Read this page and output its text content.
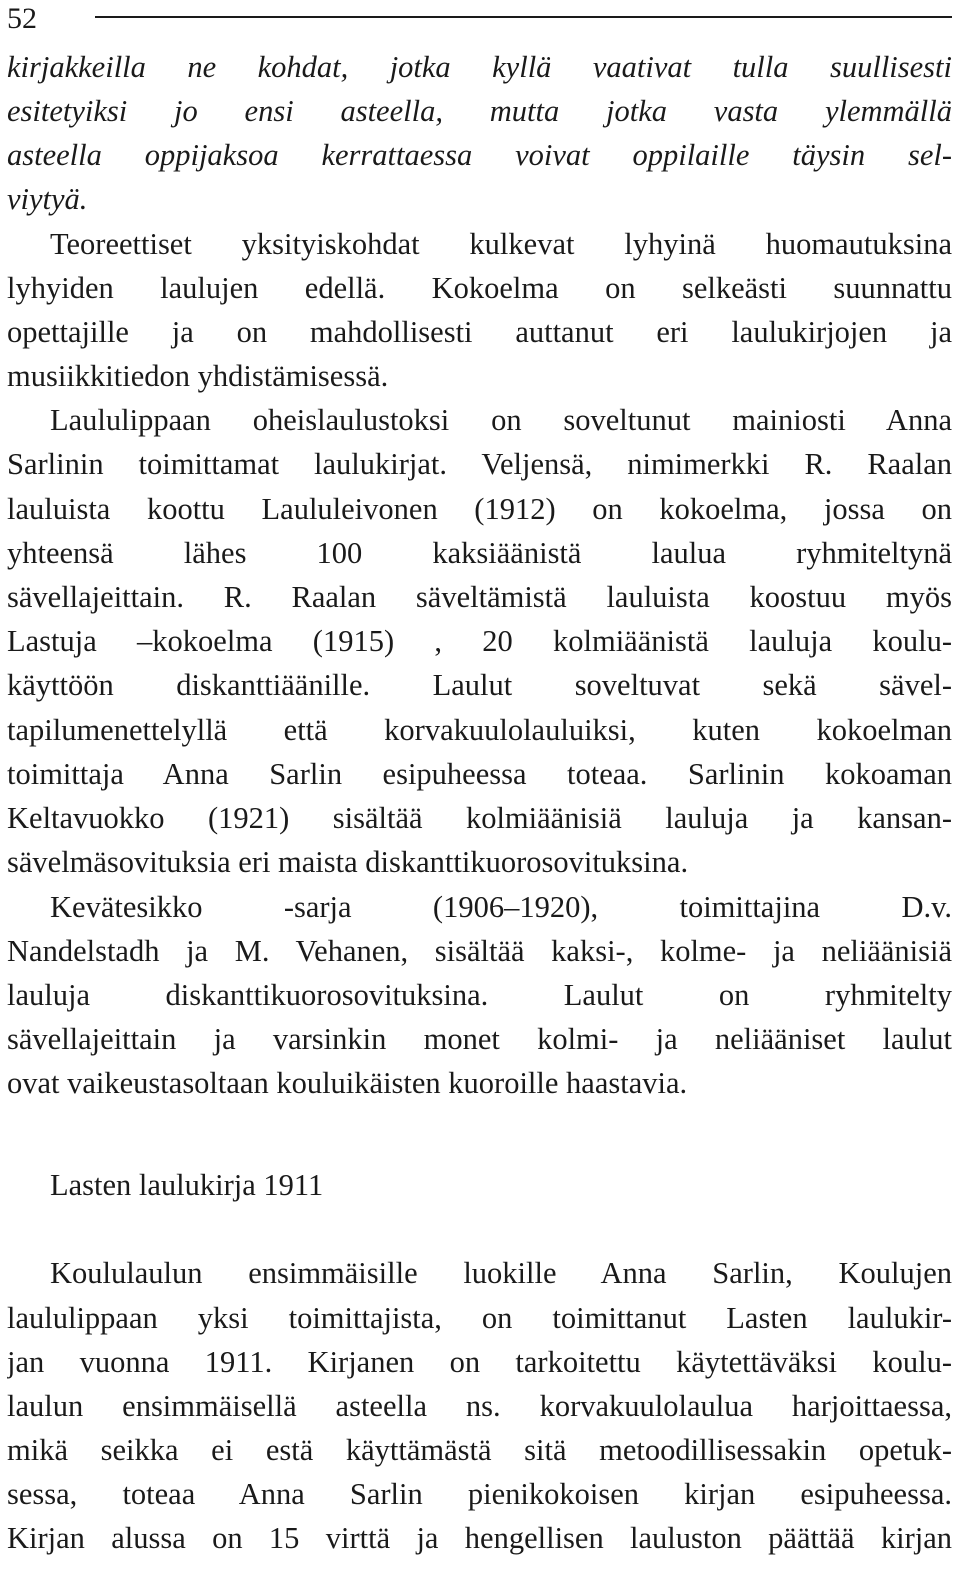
52
kirjakkeilla ne kohdat, jotka kyllä vaativat tulla suullisesti
esitetyiksi jo ensi asteella, mutta jotka vasta ylemmällä
asteella oppijaksoa kerrattaessa voivat oppilaille täysin sel-
viytyä.
Teoreettiset yksityiskohdat kulkevat lyhyinä huomautuksina
lyhyiden laulujen edellä. Kokoelma on selkeästi suunnattu
opettajille ja on mahdollisesti auttanut eri laulukirjojen ja
musiikkitiedon yhdistämisessä.
Laululippaan oheislaulustoksi on soveltunut mainiosti Anna
Sarlinin toimittamat laulukirjat. Veljensä, nimimerkki R. Raalan
lauluista koottu Laululeivonen (1912) on kokoelma, jossa on
yhteensä lähes 100 kaksiäänistä laulua ryhmiteltynä
sävellajeittain. R. Raalan säveltämistä lauluista koostuu myös
Lastuja –kokoelma (1915) , 20 kolmiäänistä lauluja koulu-
käyttöön diskanttiäänille. Laulut soveltuvat sekä sävel-
tapilumenettelyllä että korvakuulolauluiksi, kuten kokoelman
toimittaja Anna Sarlin esipuheessa toteaa. Sarlinin kokoaman
Keltavuokko (1921) sisältää kolmiäänisiä lauluja ja kansan-
sävelmäsovituksia eri maista diskanttikuorosovituksina.
Kevätesikko -sarja (1906–1920), toimittajina D.v.
Nandelstadh ja M. Vehanen, sisältää kaksi-, kolme- ja neliäänisiä
lauluja diskanttikuorosovituksina. Laulut on ryhmitelty
sävellajeittain ja varsinkin monet kolmi- ja neliääniset laulut
ovat vaikeustasoltaan kouluikäisten kuoroille haastavia.
Lasten laulukirja 1911
Koululaulun ensimmäisille luokille Anna Sarlin, Koulujen
laululippaan yksi toimittajista, on toimittanut Lasten laulukir-
jan vuonna 1911. Kirjanen on tarkoitettu käytettäväksi koulu-
laulun ensimmäisellä asteella ns. korvakuulolaulua harjoittaessa,
mikä seikka ei estä käyttämästä sitä metoodillisessakin opetuk-
sessa, toteaa Anna Sarlin pienikokoisen kirjan esipuheessa.
Kirjan alussa on 15 virttä ja hengellisen lauluston päättää kirjan
